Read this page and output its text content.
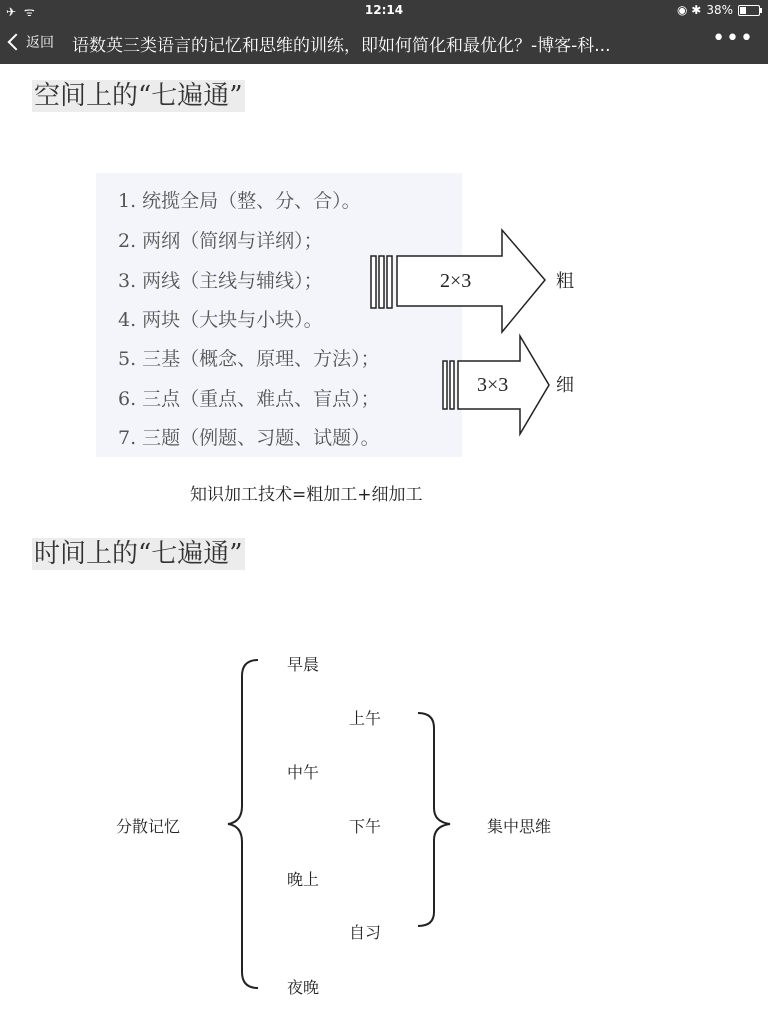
✈ ᯤ	12:14	◉ ✱ 38%
返回 语数英三类语言的记忆和思维的训练，即如何简化和最优化？-博客-科...	•••
空间上的“七遍通”
1. 统揽全局（整、分、合）。
2. 两纲（简纲与详纲）；
3. 两线（主线与辅线）；
4. 两块（大块与小块）。
5. 三基（概念、原理、方法）；
6. 三点（重点、难点、盲点）；
7. 三题（例题、习题、试题）。
2×3	粗
3×3	细
知识加工技术=粗加工+细加工
时间上的“七遍通”
分散记忆
早晨
中午
晚上
夜晚
上午
下午
自习
集中思维
